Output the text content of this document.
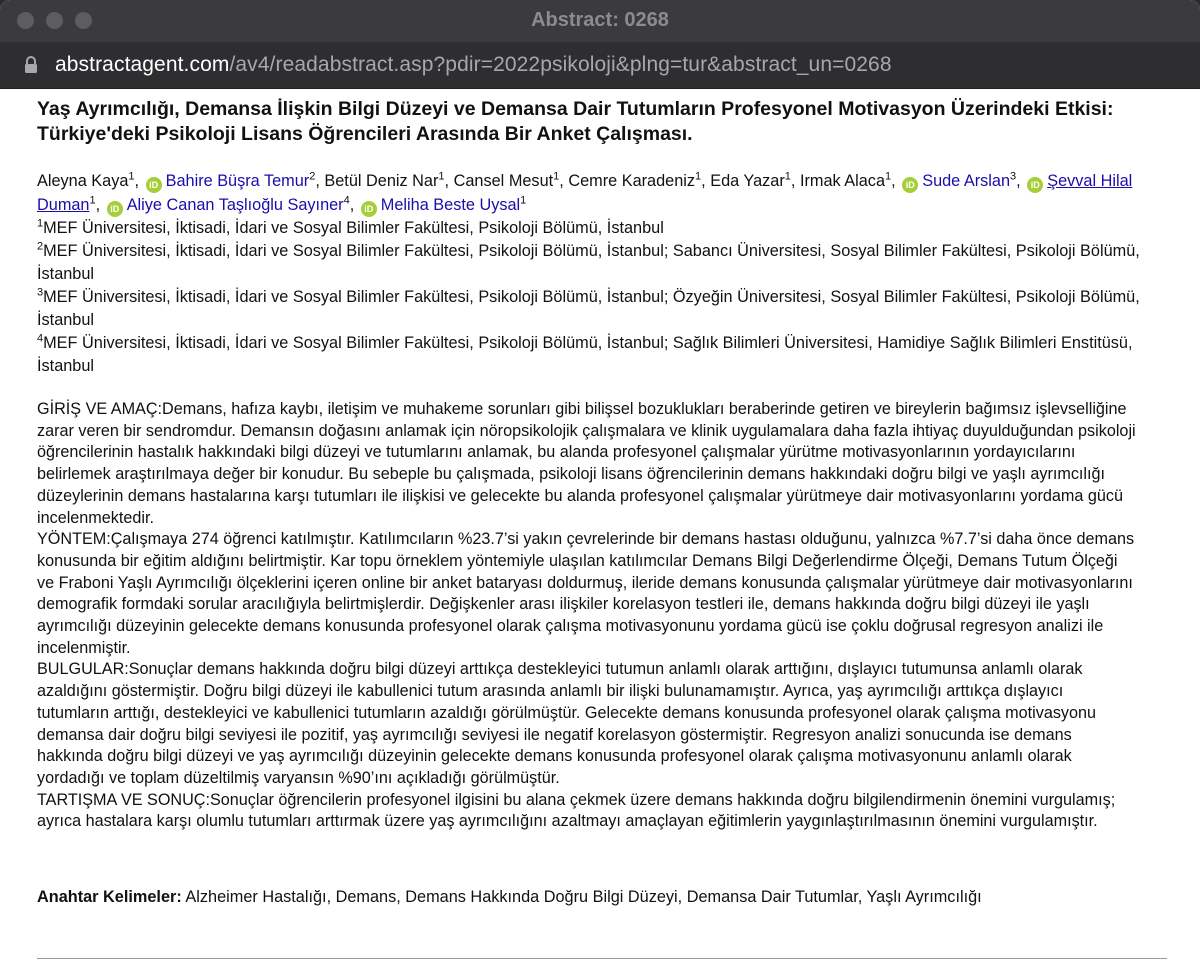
Abstract: 0268
abstractagent.com/av4/readabstract.asp?pdir=2022psikoloji&plng=tur&abstract_un=0268
Yaş Ayrımcılığı, Demansa İlişkin Bilgi Düzeyi ve Demansa Dair Tutumların Profesyonel Motivasyon Üzerindeki Etkisi: Türkiye'deki Psikoloji Lisans Öğrencileri Arasında Bir Anket Çalışması.
Aleyna Kaya$^1$, iD Bahire Büşra Temur$^2$, Betül Deniz Nar$^1$, Cansel Mesut$^1$, Cemre Karadeniz$^1$, Eda Yazar$^1$, Irmak Alaca$^1$, iD Sude Arslan$^3$, iD Şevval Hilal Duman$^1$, iD Aliye Canan Taşlıoğlu Sayıner$^4$, iD Meliha Beste Uysal$^1$

$^1$MEF Üniversitesi, İktisadi, İdari ve Sosyal Bilimler Fakültesi, Psikoloji Bölümü, İstanbul

$^2$MEF Üniversitesi, İktisadi, İdari ve Sosyal Bilimler Fakültesi, Psikoloji Bölümü, İstanbul; Sabancı Üniversitesi, Sosyal Bilimler Fakültesi, Psikoloji Bölümü, İstanbul

$^3$MEF Üniversitesi, İktisadi, İdari ve Sosyal Bilimler Fakültesi, Psikoloji Bölümü, İstanbul; Özyeğin Üniversitesi, Sosyal Bilimler Fakültesi, Psikoloji Bölümü, İstanbul

$^4$MEF Üniversitesi, İktisadi, İdari ve Sosyal Bilimler Fakültesi, Psikoloji Bölümü, İstanbul; Sağlık Bilimleri Üniversitesi, Hamidiye Sağlık Bilimleri Enstitüsü, İstanbul

GİRİŞ VE AMAÇ:Demans, hafıza kaybı, iletişim ve muhakeme sorunları gibi bilişsel bozuklukları beraberinde getiren ve bireylerin bağımsız işlevselliğine zarar veren bir sendromdur. Demansın doğasını anlamak için nöropsikolojik çalışmalara ve klinik uygulamalara daha fazla ihtiyaç duyulduğundan psikoloji öğrencilerinin hastalık hakkındaki bilgi düzeyi ve tutumlarını anlamak, bu alanda profesyonel çalışmalar yürütme motivasyonlarının yordayıcılarını belirlemek araştırılmaya değer bir konudur. Bu sebeple bu çalışmada, psikoloji lisans öğrencilerinin demans hakkındaki doğru bilgi ve yaşlı ayrımcılığı düzeylerinin demans hastalarına karşı tutumları ile ilişkisi ve gelecekte bu alanda profesyonel çalışmalar yürütmeye dair motivasyonlarını yordama gücü incelenmektedir.

YÖNTEM:Çalışmaya 274 öğrenci katılmıştır. Katılımcıların %23.7’si yakın çevrelerinde bir demans hastası olduğunu, yalnızca %7.7’si daha önce demans konusunda bir eğitim aldığını belirtmiştir. Kar topu örneklem yöntemiyle ulaşılan katılımcılar Demans Bilgi Değerlendirme Ölçeği, Demans Tutum Ölçeği ve Fraboni Yaşlı Ayrımcılığı ölçeklerini içeren online bir anket bataryası doldurmuş, ileride demans konusunda çalışmalar yürütmeye dair motivasyonlarını demografik formdaki sorular aracılığıyla belirtmişlerdir. Değişkenler arası ilişkiler korelasyon testleri ile, demans hakkında doğru bilgi düzeyi ile yaşlı ayrımcılığı düzeyinin gelecekte demans konusunda profesyonel olarak çalışma motivasyonunu yordama gücü ise çoklu doğrusal regresyon analizi ile incelenmiştir.

BULGULAR:Sonuçlar demans hakkında doğru bilgi düzeyi arttıkça destekleyici tutumun anlamlı olarak arttığını, dışlayıcı tutumunsa anlamlı olarak azaldığını göstermiştir. Doğru bilgi düzeyi ile kabullenici tutum arasında anlamlı bir ilişki bulunamamıştır. Ayrıca, yaş ayrımcılığı arttıkça dışlayıcı tutumların arttığı, destekleyici ve kabullenici tutumların azaldığı görülmüştür. Gelecekte demans konusunda profesyonel olarak çalışma motivasyonu demansa dair doğru bilgi seviyesi ile pozitif, yaş ayrımcılığı seviyesi ile negatif korelasyon göstermiştir. Regresyon analizi sonucunda ise demans hakkında doğru bilgi düzeyi ve yaş ayrımcılığı düzeyinin gelecekte demans konusunda profesyonel olarak çalışma motivasyonunu anlamlı olarak yordadığı ve toplam düzeltilmiş varyansın %90’ını açıkladığı görülmüştür.

TARTIŞMA VE SONUÇ:Sonuçlar öğrencilerin profesyonel ilgisini bu alana çekmek üzere demans hakkında doğru bilgilendirmenin önemini vurgulamış; ayrıca hastalara karşı olumlu tutumları arttırmak üzere yaş ayrımcılığını azaltmayı amaçlayan eğitimlerin yaygınlaştırılmasının önemini vurgulamıştır.

Anahtar Kelimeler: Alzheimer Hastalığı, Demans, Demans Hakkında Doğru Bilgi Düzeyi, Demansa Dair Tutumlar, Yaşlı Ayrımcılığı
